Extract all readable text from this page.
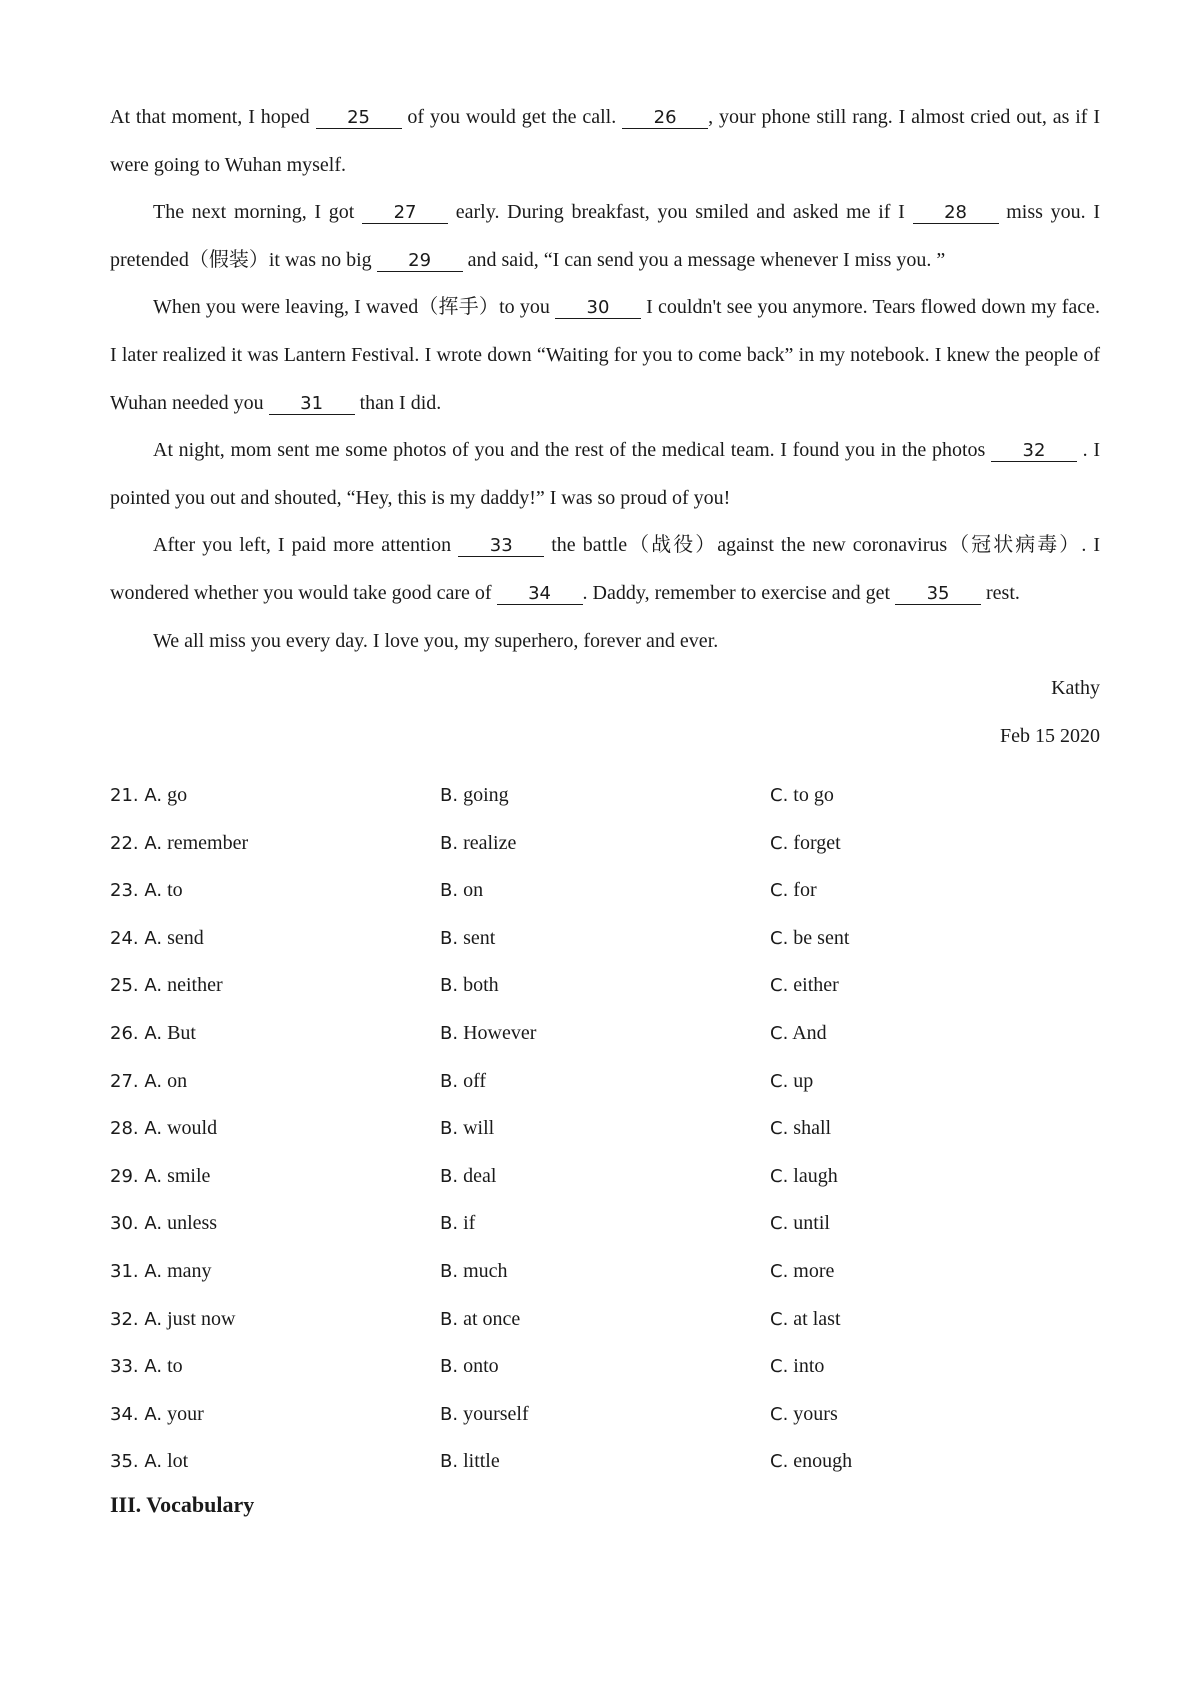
At that moment, I hoped 25 of you would get the call. 26 , your phone still rang. I almost cried out, as if I were going to Wuhan myself.

The next morning, I got 27 early. During breakfast, you smiled and asked me if I 28 miss you. I pretended（假装）it was no big 29 and said, “I can send you a message whenever I miss you. ”

When you were leaving, I waved（挥手）to you 30 I couldn't see you anymore. Tears flowed down my face. I later realized it was Lantern Festival. I wrote down “Waiting for you to come back” in my notebook. I knew the people of Wuhan needed you 31 than I did.

At night, mom sent me some photos of you and the rest of the medical team. I found you in the photos 32 . I pointed you out and shouted, “Hey, this is my daddy!” I was so proud of you!

After you left, I paid more attention 33 the battle（战役）against the new coronavirus（冠状病毒）. I wondered whether you would take good care of 34 . Daddy, remember to exercise and get 35 rest.

We all miss you every day. I love you, my superhero, forever and ever.

Kathy

Feb 15 2020

21. A. go	B. going	C. to go
22. A. remember	B. realize	C. forget
23. A. to	B. on	C. for
24. A. send	B. sent	C. be sent
25. A. neither	B. both	C. either
26. A. But	B. However	C. And
27. A. on	B. off	C. up
28. A. would	B. will	C. shall
29. A. smile	B. deal	C. laugh
30. A. unless	B. if	C. until
31. A. many	B. much	C. more
32. A. just now	B. at once	C. at last
33. A. to	B. onto	C. into
34. A. your	B. yourself	C. yours
35. A. lot	B. little	C. enough
III. Vocabulary
